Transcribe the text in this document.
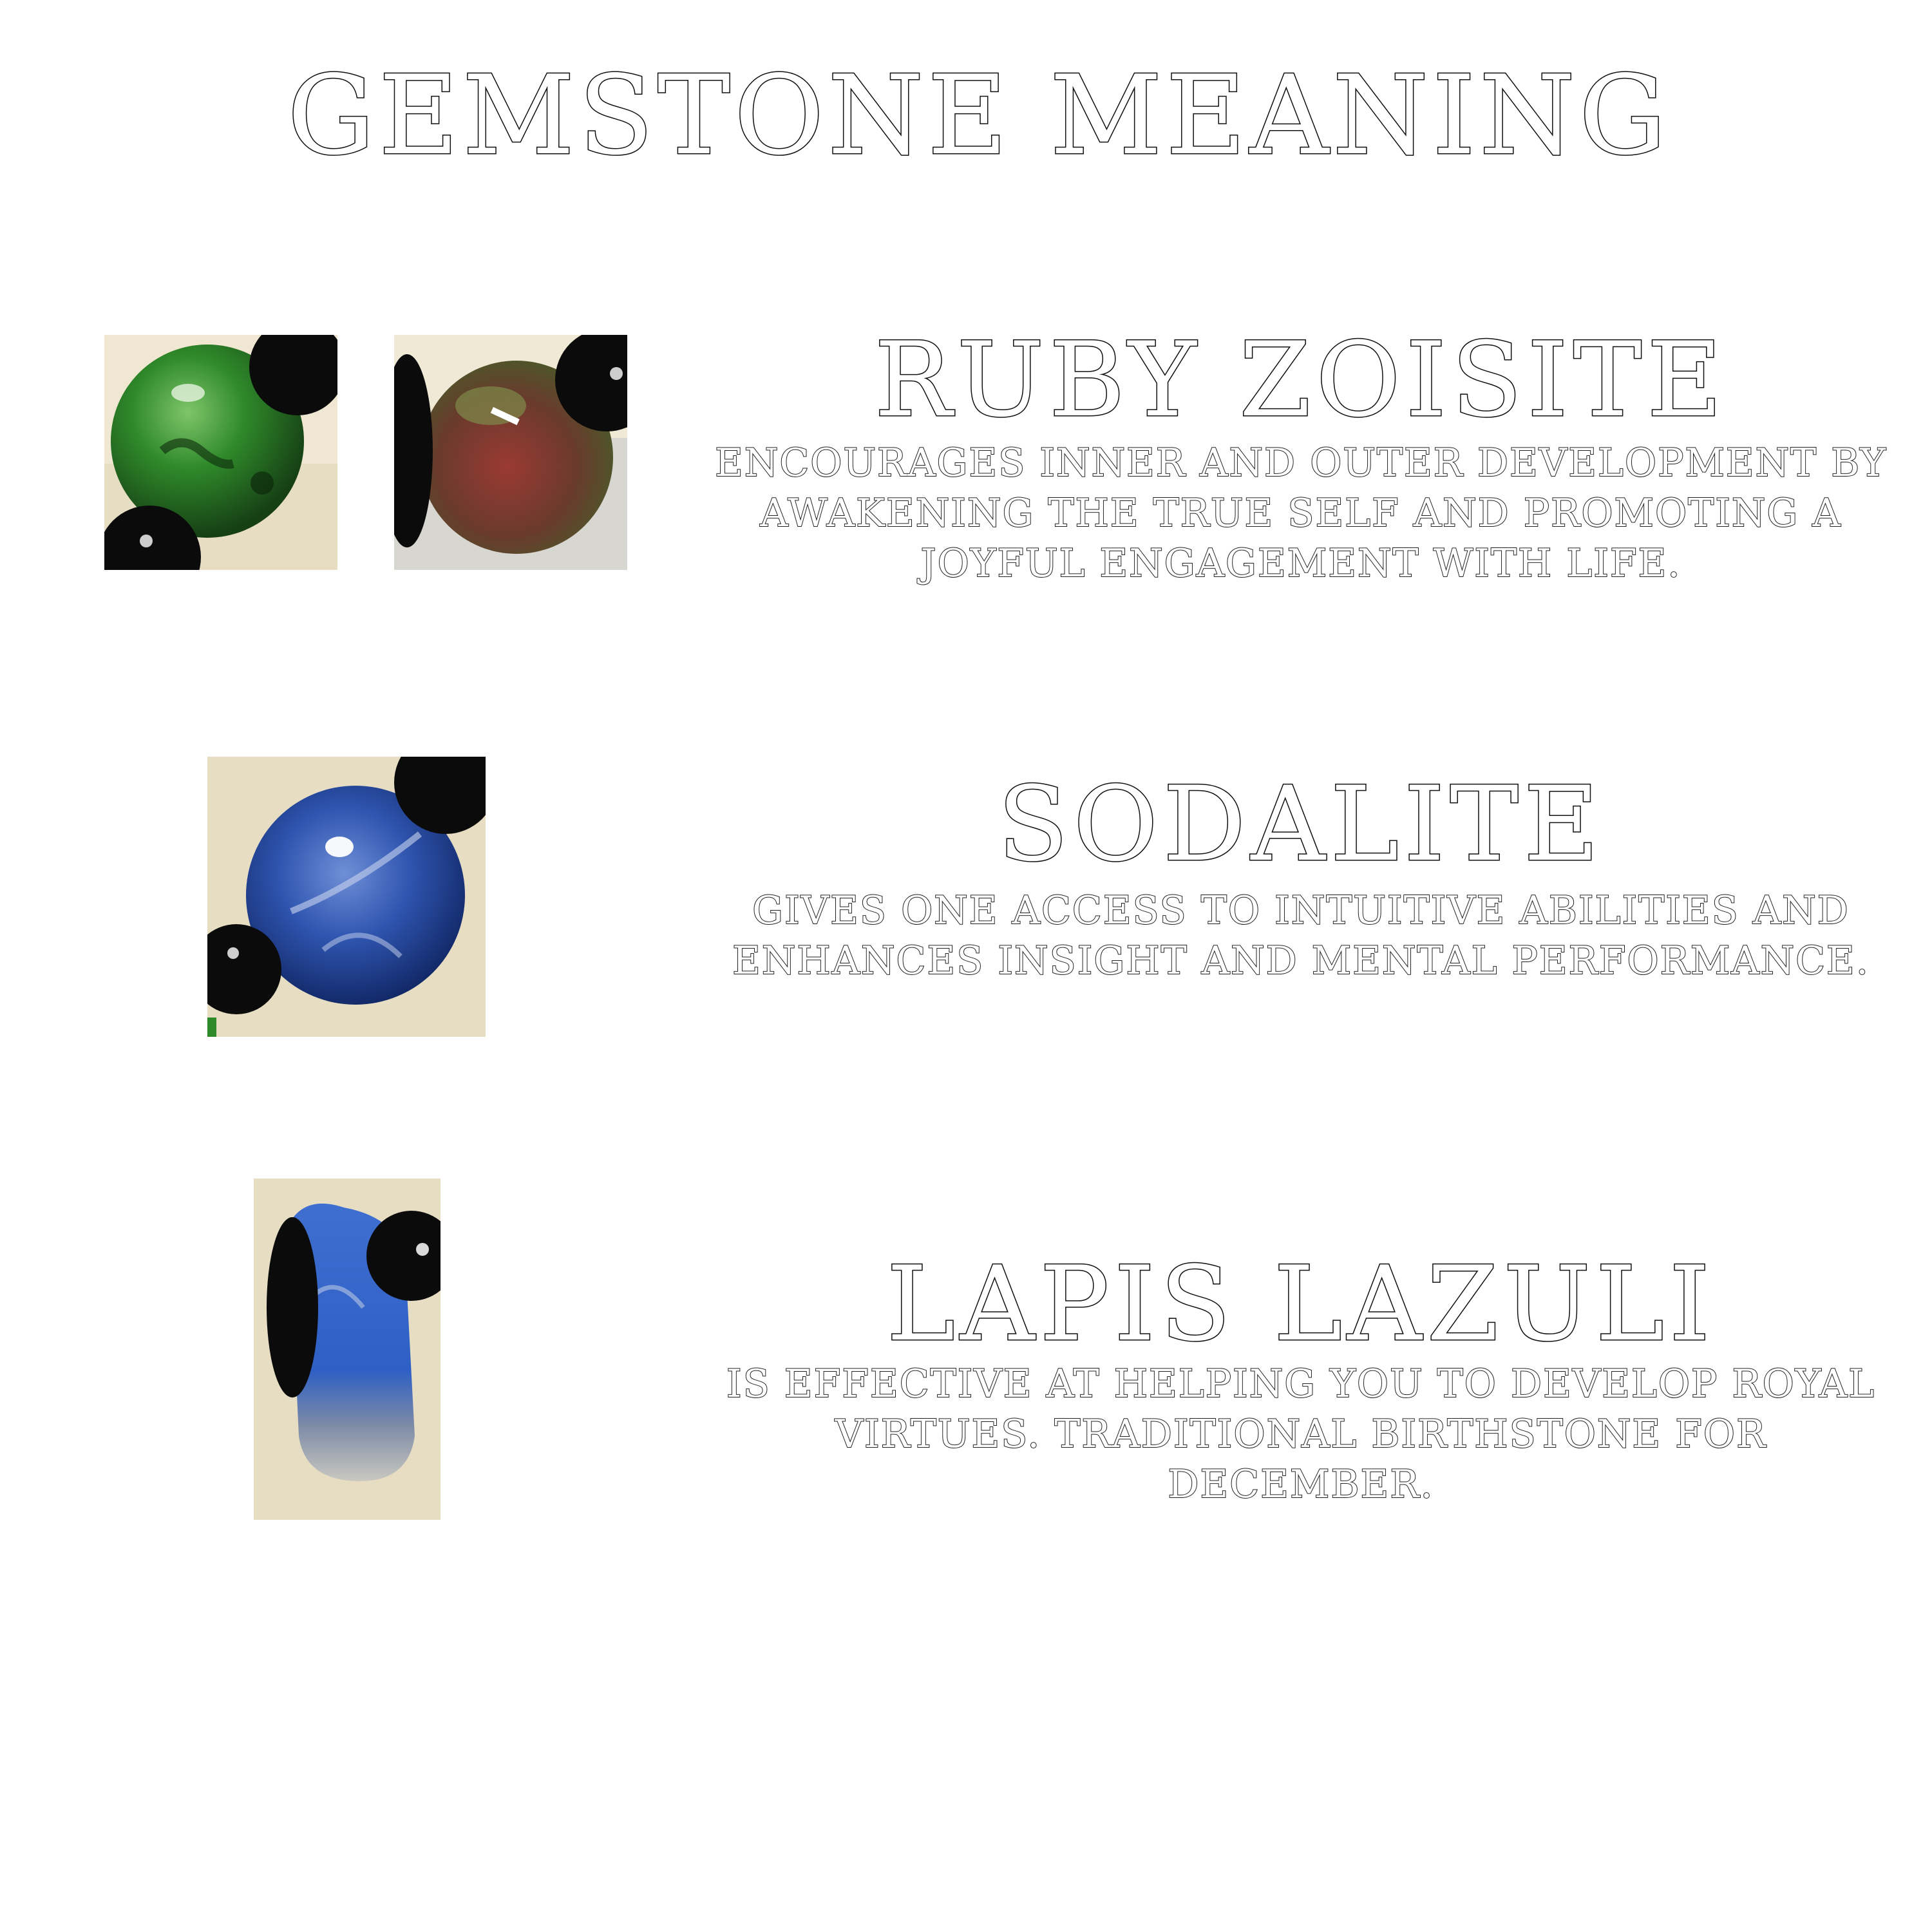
GEMSTONE MEANING
RUBY ZOISITE

ENCOURAGES INNER AND OUTER DEVELOPMENT BY AWAKENING THE TRUE SELF AND PROMOTING A JOYFUL ENGAGEMENT WITH LIFE.

SODALITE

GIVES ONE ACCESS TO INTUITIVE ABILITIES AND ENHANCES INSIGHT AND MENTAL PERFORMANCE.

LAPIS LAZULI

IS EFFECTIVE AT HELPING YOU TO DEVELOP ROYAL VIRTUES. TRADITIONAL BIRTHSTONE FOR DECEMBER.
